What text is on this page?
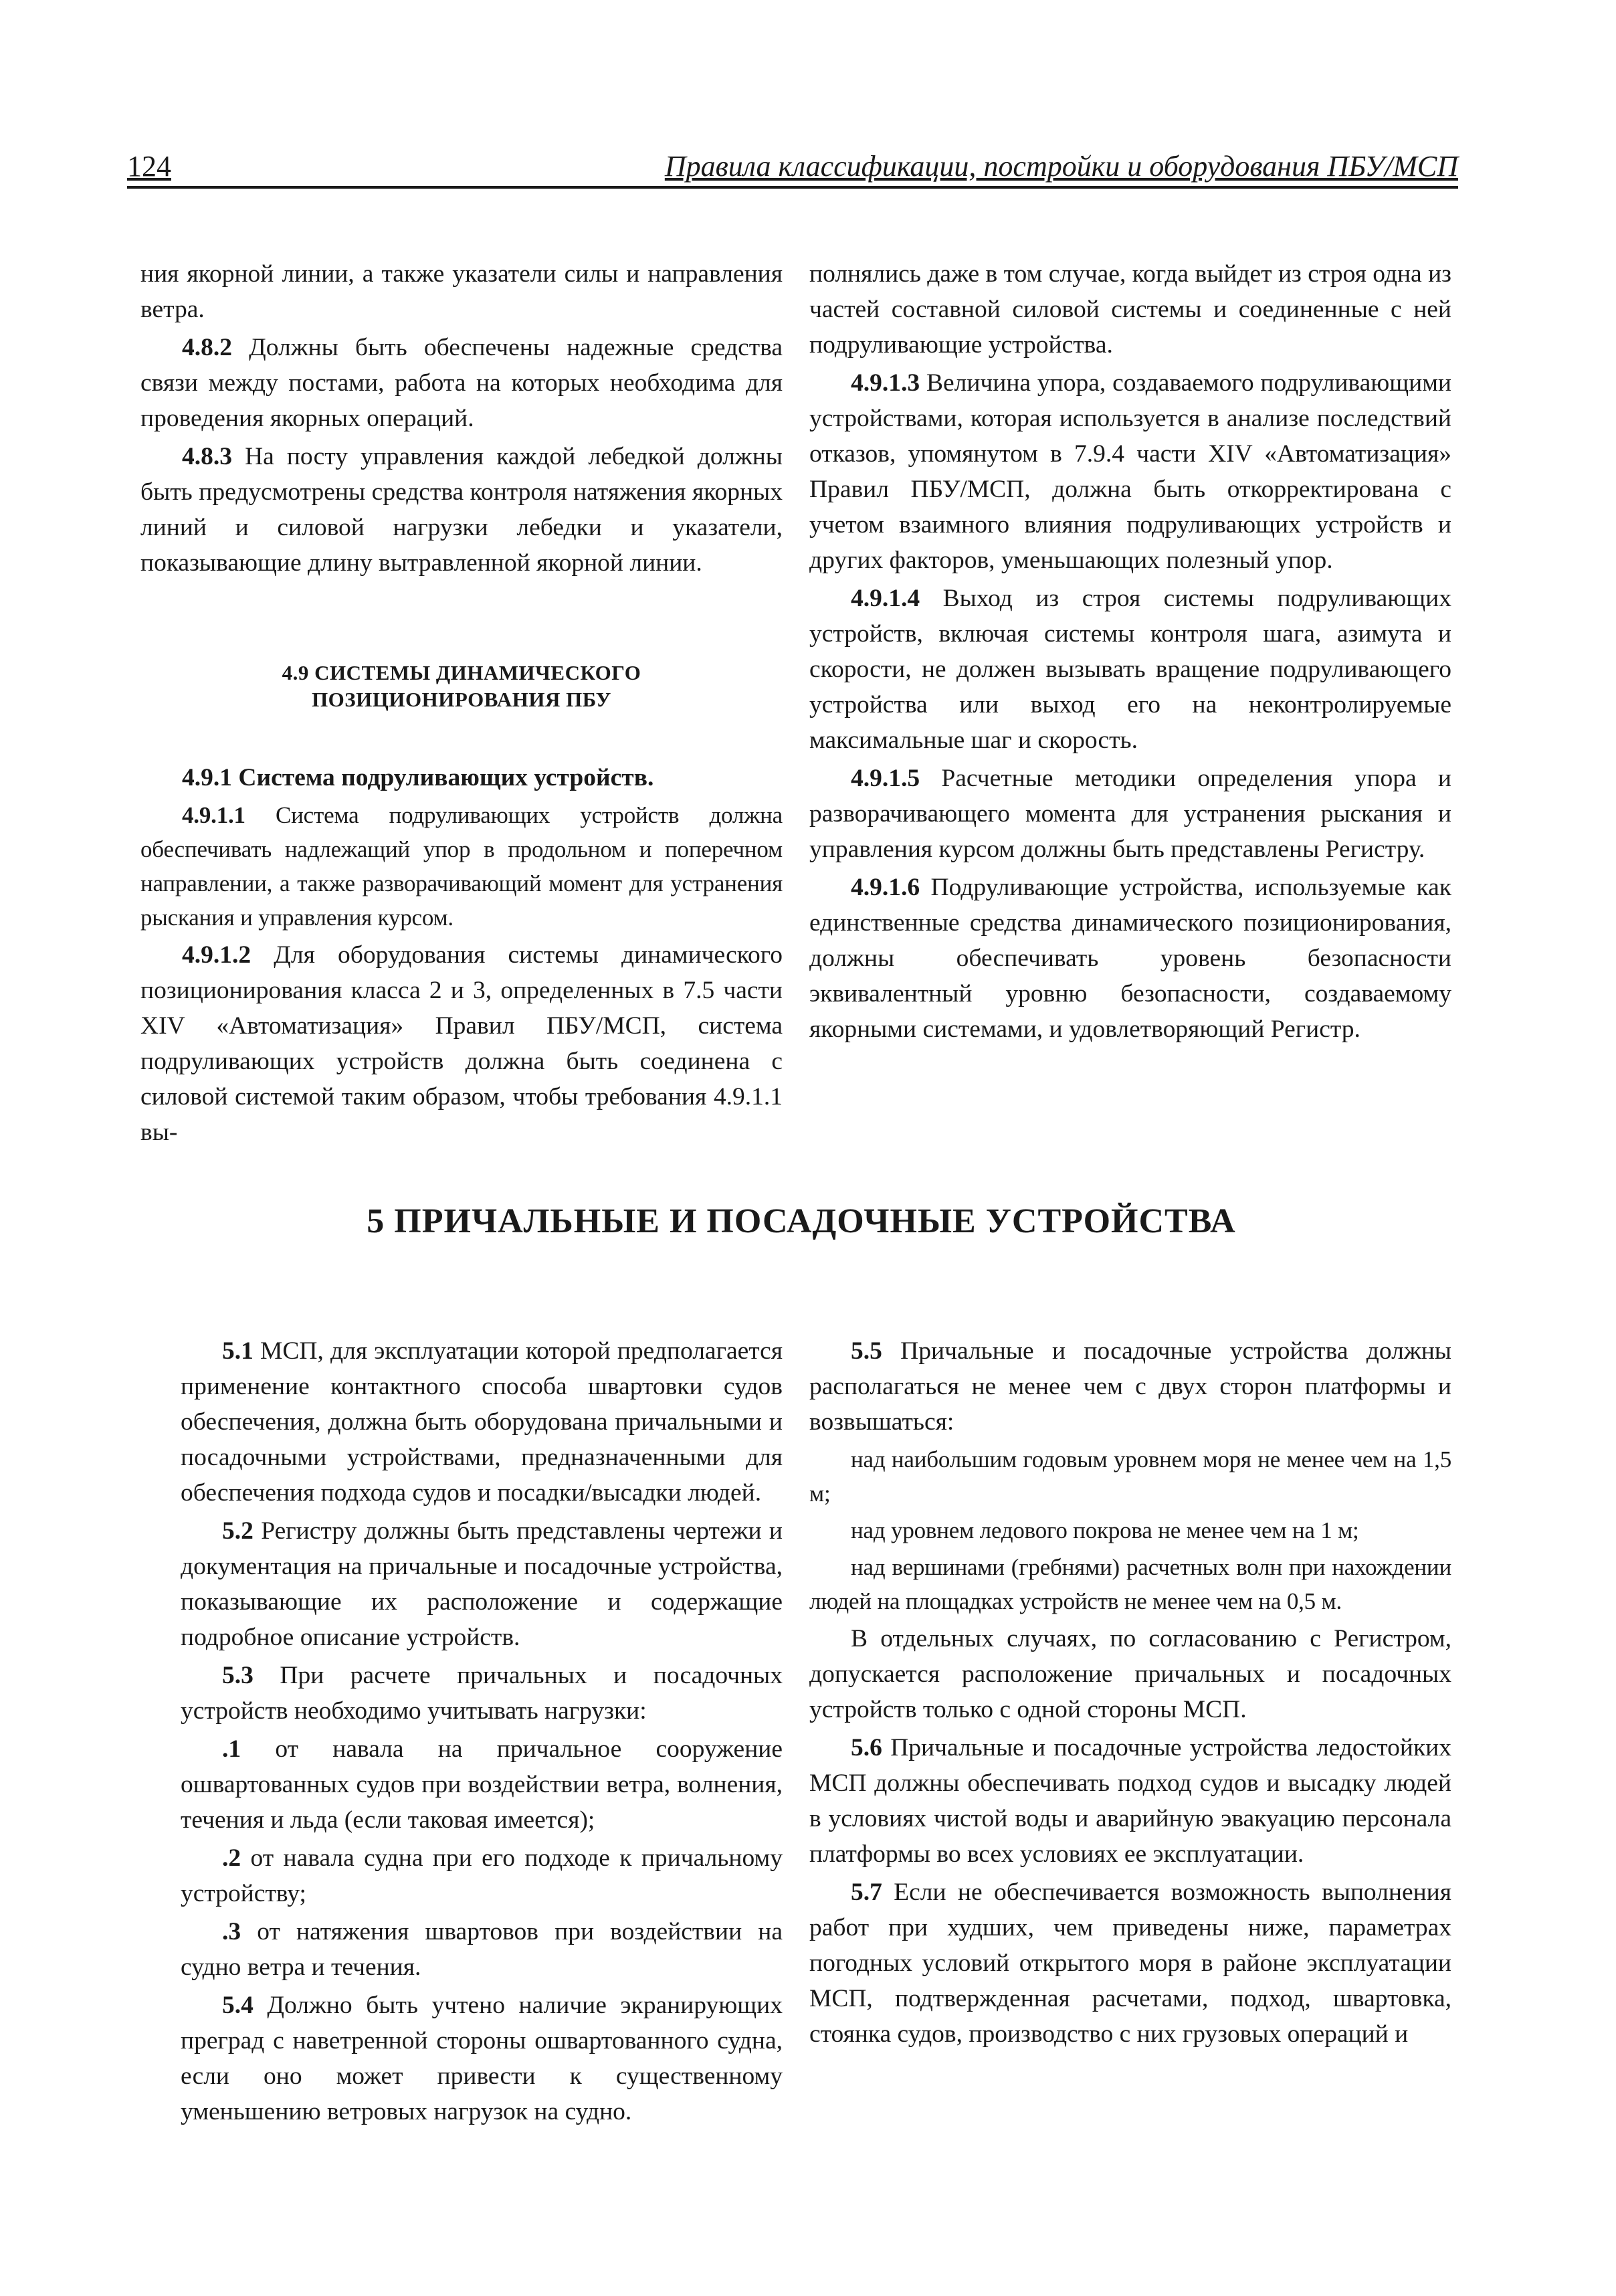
124	Правила классификации, постройки и оборудования ПБУ/МСП

ния якорной линии, а также указатели силы и направления ветра.

4.8.2 Должны быть обеспечены надежные средства связи между постами, работа на которых необходима для проведения якорных операций.

4.8.3 На посту управления каждой лебедкой должны быть предусмотрены средства контроля натяжения якорных линий и силовой нагрузки лебедки и указатели, показывающие длину вытравленной якорной линии.

4.9 СИСТЕМЫ ДИНАМИЧЕСКОГО
ПОЗИЦИОНИРОВАНИЯ ПБУ

4.9.1 Система подруливающих устройств.

4.9.1.1 Система подруливающих устройств должна обеспечивать надлежащий упор в продольном и поперечном направлении, а также разворачивающий момент для устранения рыскания и управления курсом.

4.9.1.2 Для оборудования системы динамического позиционирования класса 2 и 3, определенных в 7.5 части XIV «Автоматизация» Правил ПБУ/МСП, система подруливающих устройств должна быть соединена с силовой системой таким образом, чтобы требования 4.9.1.1 вы-

полнялись даже в том случае, когда выйдет из строя одна из частей составной силовой системы и соединенные с ней подруливающие устройства.

4.9.1.3 Величина упора, создаваемого подруливающими устройствами, которая используется в анализе последствий отказов, упомянутом в 7.9.4 части XIV «Автоматизация» Правил ПБУ/МСП, должна быть откорректирована с учетом взаимного влияния подруливающих устройств и других факторов, уменьшающих полезный упор.

4.9.1.4 Выход из строя системы подруливающих устройств, включая системы контроля шага, азимута и скорости, не должен вызывать вращение подруливающего устройства или выход его на неконтролируемые максимальные шаг и скорость.

4.9.1.5 Расчетные методики определения упора и разворачивающего момента для устранения рыскания и управления курсом должны быть представлены Регистру.

4.9.1.6 Подруливающие устройства, используемые как единственные средства динамического позиционирования, должны обеспечивать уровень безопасности эквивалентный уровню безопасности, создаваемому якорными системами, и удовлетворяющий Регистр.

5 ПРИЧАЛЬНЫЕ И ПОСАДОЧНЫЕ УСТРОЙСТВА

5.1 МСП, для эксплуатации которой предполагается применение контактного способа швартовки судов обеспечения, должна быть оборудована причальными и посадочными устройствами, предназначенными для обеспечения подхода судов и посадки/высадки людей.

5.2 Регистру должны быть представлены чертежи и документация на причальные и посадочные устройства, показывающие их расположение и содержащие подробное описание устройств.

5.3 При расчете причальных и посадочных устройств необходимо учитывать нагрузки:

.1 от навала на причальное сооружение ошвартованных судов при воздействии ветра, волнения, течения и льда (если таковая имеется);

.2 от навала судна при его подходе к причальному устройству;

.3 от натяжения швартовов при воздействии на судно ветра и течения.

5.4 Должно быть учтено наличие экранирующих преград с наветренной стороны ошвартованного судна, если оно может привести к существенному уменьшению ветровых нагрузок на судно.

5.5 Причальные и посадочные устройства должны располагаться не менее чем с двух сторон платформы и возвышаться:

над наибольшим годовым уровнем моря не менее чем на 1,5 м;

над уровнем ледового покрова не менее чем на 1 м;

над вершинами (гребнями) расчетных волн при нахождении людей на площадках устройств не менее чем на 0,5 м.

В отдельных случаях, по согласованию с Регистром, допускается расположение причальных и посадочных устройств только с одной стороны МСП.

5.6 Причальные и посадочные устройства ледостойких МСП должны обеспечивать подход судов и высадку людей в условиях чистой воды и аварийную эвакуацию персонала платформы во всех условиях ее эксплуатации.

5.7 Если не обеспечивается возможность выполнения работ при худших, чем приведены ниже, параметрах погодных условий открытого моря в районе эксплуатации МСП, подтвержденная расчетами, подход, швартовка, стоянка судов, производство с них грузовых операций и
